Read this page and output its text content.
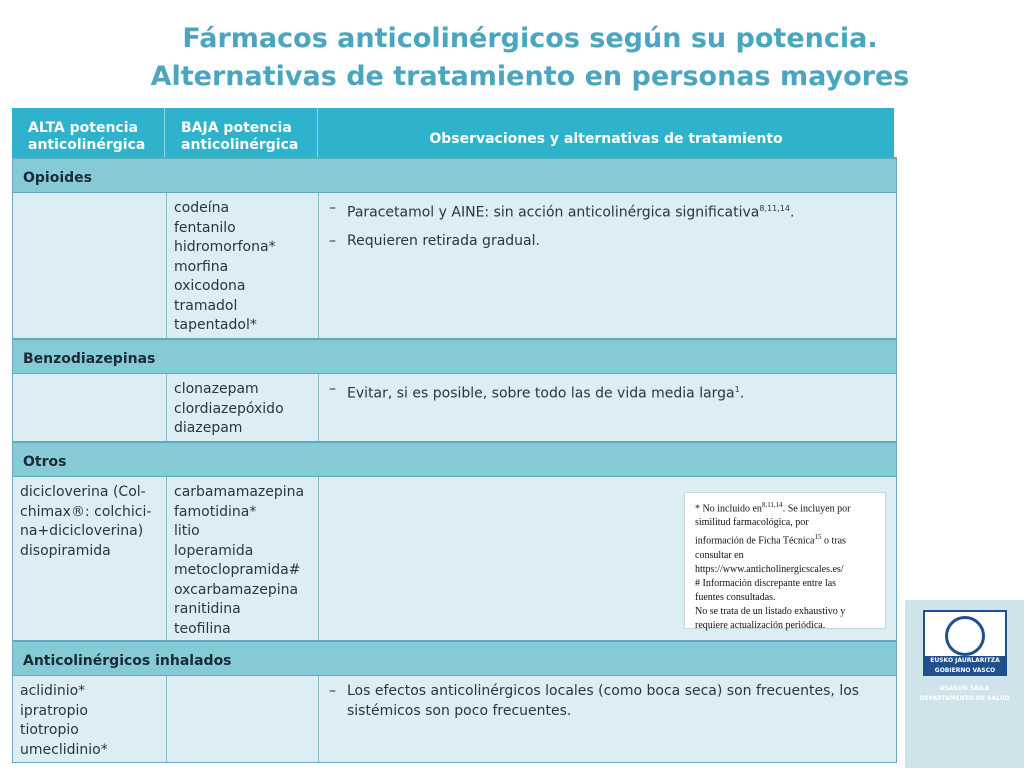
Fármacos anticolinérgicos según su potencia.
Alternativas de tratamiento en personas mayores
ALTA potencia
anticolinérgica
BAJA potencia
anticolinérgica	Observaciones y alternativas de tratamiento
Opioides
codeína
fentanilo
hidromorfona*
morfina
oxicodona
tramadol
tapentadol*
– Paracetamol y AINE: sin acción anticolinérgica significativa$^{8,11,14}$.
– Requieren retirada gradual.
Benzodiazepinas
clonazepam
clordiazepóxido
diazepam
– Evitar, si es posible, sobre todo las de vida media larga$^1$.
Otros
dicicloverina (Col-
chimax®: colchici-
na+dicicloverina)
disopiramida
carbamamazepina
famotidina*
litio
loperamida
metoclopramida#
oxcarbamazepina
ranitidina
teofilina
* No incluido en$^{8,11,14}$. Se incluyen por
similitud farmacológica, por
información de Ficha Técnica$^{15}$ o tras
consultar en
https://www.anticholinergicscales.es/
# Información discrepante entre las
fuentes consultadas.
No se trata de un listado exhaustivo y
requiere actualización periódica.
Anticolinérgicos inhalados
aclidinio*
ipratropio
tiotropio
umeclidinio*
– Los efectos anticolinérgicos locales (como boca seca) son frecuentes, los sistémicos son poco frecuentes.
EUSKO JAURLARITZA
GOBIERNO VASCO
OSASUN SAILA
DEPARTAMENTO DE SALUD
